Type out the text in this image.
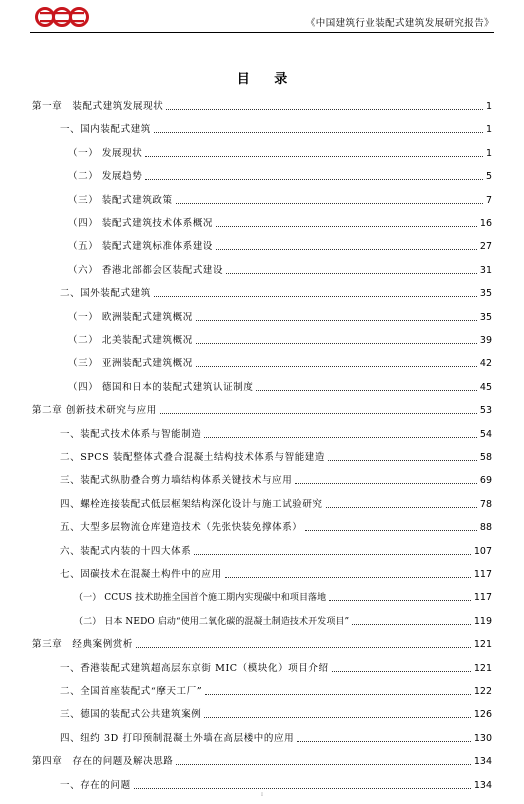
《中国建筑行业装配式建筑发展研究报告》
目 录
第一章　装配式建筑发展现状	1
一、国内装配式建筑	1
（一） 发展现状	1
（二） 发展趋势	5
（三） 装配式建筑政策	7
（四） 装配式建筑技术体系概况	16
（五） 装配式建筑标准体系建设	27
（六） 香港北部都会区装配式建设	31
二、国外装配式建筑	35
（一） 欧洲装配式建筑概况	35
（二） 北美装配式建筑概况	39
（三） 亚洲装配式建筑概况	42
（四） 德国和日本的装配式建筑认证制度	45
第二章 创新技术研究与应用	53
一、装配式技术体系与智能制造	54
二、SPCS 装配整体式叠合混凝土结构技术体系与智能建造	58
三、装配式纵肋叠合剪力墙结构体系关键技术与应用	69
四、螺栓连接装配式低层框架结构深化设计与施工试验研究	78
五、大型多层物流仓库建造技术（先张快装免撑体系）	88
六、装配式内装的十四大体系	107
七、固碳技术在混凝土构件中的应用	117
（一） CCUS 技术助推全国首个施工期内实现碳中和项目落地	117
（二） 日本 NEDO 启动“使用二氧化碳的混凝土制造技术开发项目”	119
第三章　经典案例赏析	121
一、香港装配式建筑超高层东京街 MIC（模块化）项目介绍	121
二、全国首座装配式“摩天工厂”	122
三、德国的装配式公共建筑案例	126
四、纽约 3D 打印预制混凝土外墙在高层楼中的应用	130
第四章　存在的问题及解决思路	134
一、存在的问题	134
I
